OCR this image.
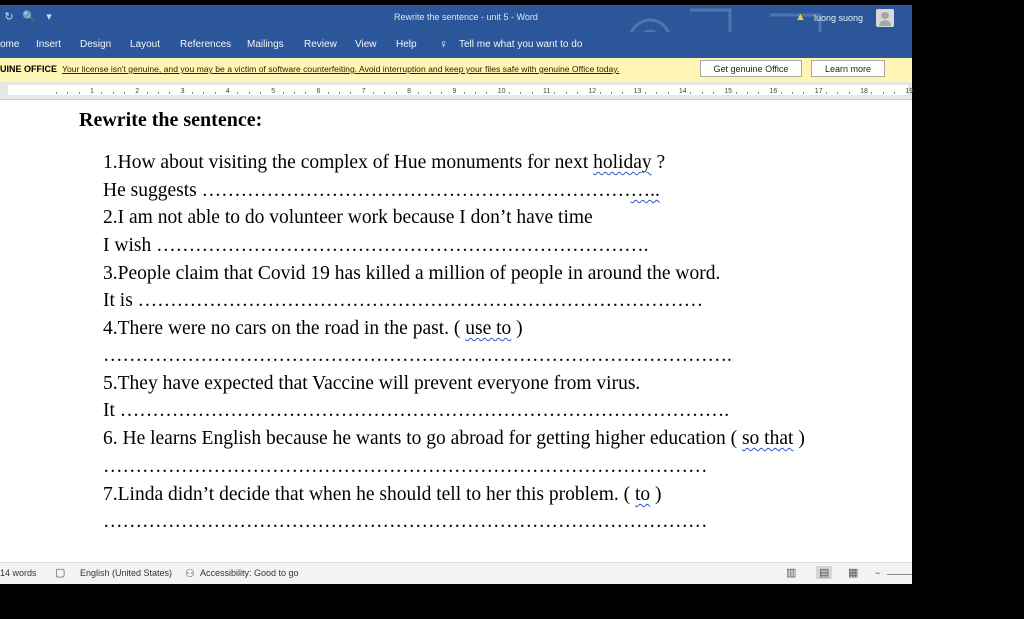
↻ 🔍 ▾	Rewrite the sentence - unit 5 - Word	▲ luong suong
ome Insert Design Layout References Mailings Review View Help ♀ Tell me what you want to do
UINE OFFICE Your license isn't genuine, and you may be a victim of software counterfeiting. Avoid interruption and keep your files safe with genuine Office today.	Get genuine Office	Learn more
1	2	3	4	5	6	7	8	9	10	11	12	13	14	15	16	17	18	19
Rewrite the sentence:
1.How about visiting the complex of Hue monuments for next holiday ?
He suggests ……………………………………………………………..
2.I am not able to do volunteer work because I don’t have time
I wish ………………………………………………………………….
3.People claim that Covid 19 has killed a million of people in around the word.
It is ……………………………………………………………………………
4.There were no cars on the road in the past. ( use to )
…………………………………………………………………………………….
5.They have expected that Vaccine will prevent everyone from virus.
It ………………………………………………………………………………….
6. He learns English because he wants to go abroad for getting higher education ( so that )
…………………………………………………………………………………
7.Linda didn’t decide that when he should tell to her this problem. ( to )
…………………………………………………………………………………
14 words ▢ English (United States) ⚇ Accessibility: Good to go	▥ ▤ ▦ −
